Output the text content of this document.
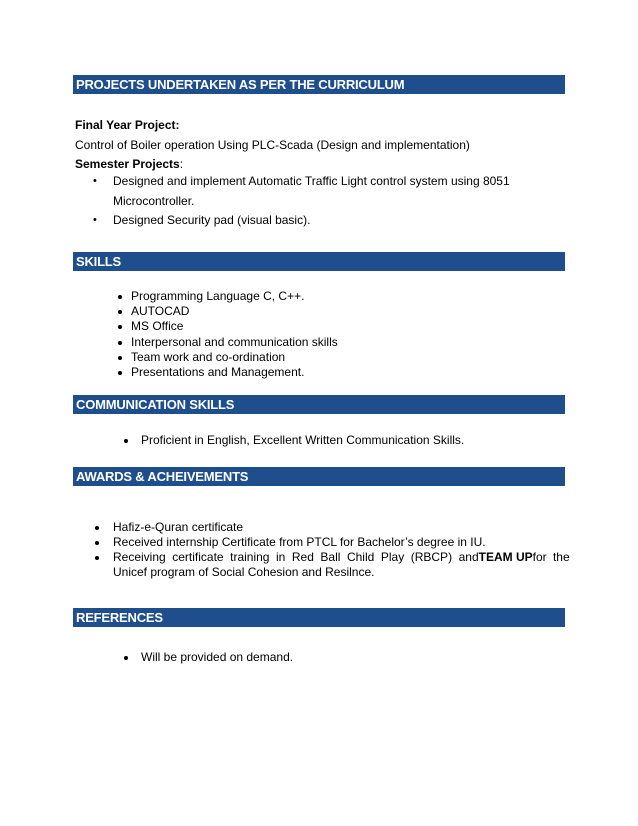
PROJECTS UNDERTAKEN AS PER THE CURRICULUM
Final Year Project:
Control of Boiler operation Using PLC-Scada (Design and implementation)
Semester Projects:
• Designed and implement Automatic Traffic Light control system using 8051
Microcontroller.
• Designed Security pad (visual basic).
SKILLS
Programming Language C, C++.
AUTOCAD
MS Office
Interpersonal and communication skills
Team work and co-ordination
Presentations and Management.
COMMUNICATION SKILLS
Proficient in English, Excellent Written Communication Skills.
AWARDS & ACHEIVEMENTS
Hafiz-e-Quran certificate
Received internship Certificate from PTCL for Bachelor’s degree in IU.
Receiving certificate training in Red Ball Child Play (RBCP) and TEAM UP for the
Unicef program of Social Cohesion and Resilnce.
REFERENCES
Will be provided on demand.
